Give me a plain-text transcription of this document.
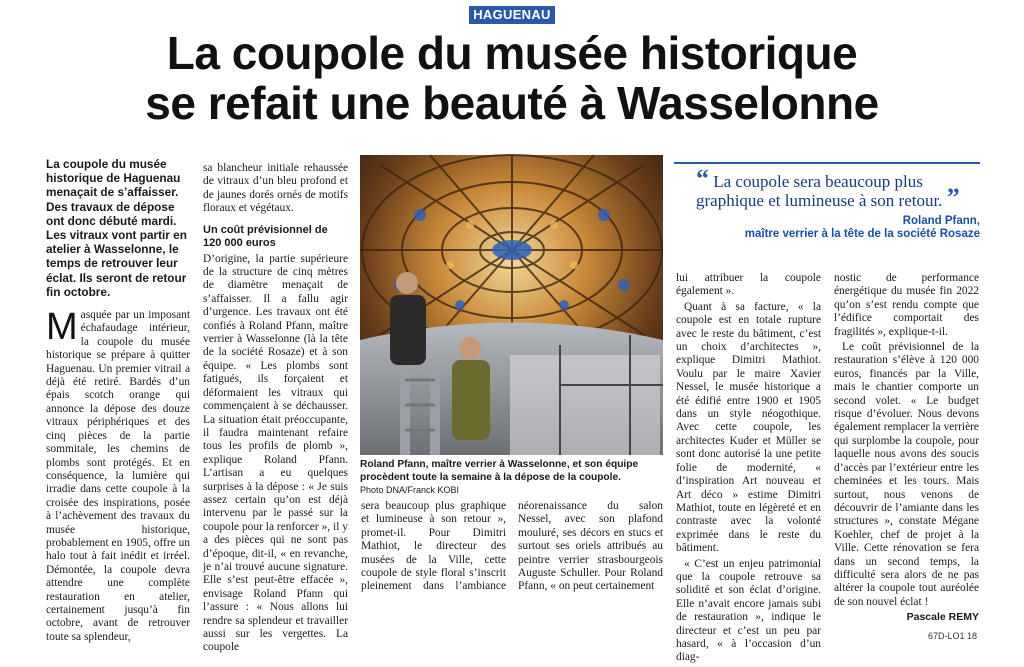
HAGUENAU
La coupole du musée historique
se refait une beauté à Wasselonne
La coupole du musée historique de Haguenau menaçait de s’affaisser. Des travaux de dépose ont donc débuté mardi. Les vitraux vont partir en atelier à Wasselonne, le temps de retrouver leur éclat. Ils seront de retour fin octobre.

Masquée par un imposant échafaudage intérieur, la coupole du musée historique se prépare à quitter Haguenau. Un premier vitrail a déjà été retiré. Bardés d’un épais scotch orange qui annonce la dépose des douze vitraux périphériques et des cinq pièces de la partie sommitale, les chemins de plombs sont protégés. Et en conséquence, la lumière qui irradie dans cette coupole à la croisée des inspirations, posée à l’achèvement des travaux du musée historique, probablement en 1905, offre un halo tout à fait inédit et irréel. Démontée, la coupole devra attendre une complète restauration en atelier, certainement jusqu’à fin octobre, avant de retrouver toute sa splendeur,

sa blancheur initiale rehaussée de vitraux d’un bleu profond et de jaunes dorés ornés de motifs floraux et végétaux.

Un coût prévisionnel de 120 000 euros

D’origine, la partie supérieure de la structure de cinq mètres de diamètre menaçait de s’affaisser. Il a fallu agir d’urgence. Les travaux ont été confiés à Roland Pfann, maître verrier à Wasselonne (là la tête de la société Rosaze) et à son équipe. « Les plombs sont fatigués, ils forçaient et déformaient les vitraux qui commençaient à se déchausser. La situation était préoccupante, il faudra maintenant refaire tous les profils de plomb », explique Roland Pfann. L’artisan a eu quelques surprises à la dépose : « Je suis assez certain qu’on est déjà intervenu par le passé sur la coupole pour la renforcer », il y a des pièces qui ne sont pas d’époque, dit-il, « en revanche, je n’ai trouvé aucune signature. Elle s’est peut-être effacée », envisage Roland Pfann qui l’assure : « Nous allons lui rendre sa splendeur et travailler aussi sur les vergettes. La coupole

Roland Pfann, maître verrier à Wasselonne, et son équipe procèdent toute la semaine à la dépose de la coupole.
Photo DNA/Franck KOBI

sera beaucoup plus graphique et lumineuse à son retour », promet-il. Pour Dimitri Mathiot, le directeur des musées de la Ville, cette coupole de style floral s’inscrit pleinement dans l’ambiance néorenaissance du salon Nessel, avec son plafond mouluré, ses décors en stucs et surtout ses oriels attribués au peintre verrier strasbourgeois Auguste Schuller. Pour Roland Pfann, « on peut certainement

“ La coupole sera beaucoup plus graphique et lumineuse à son retour. ”
Roland Pfann,
maître verrier à la tête de la société Rosaze

lui attribuer la coupole également ».

Quant à sa facture, « la coupole est en totale rupture avec le reste du bâtiment, c’est un choix d’architectes », explique Dimitri Mathiot. Voulu par le maire Xavier Nessel, le musée historique a été édifié entre 1900 et 1905 dans un style néogothique. Avec cette coupole, les architectes Kuder et Müller se sont donc autorisé la une petite folie de modernité, « d’inspiration Art nouveau et Art déco » estime Dimitri Mathiot, toute en légèreté et en contraste avec la volonté exprimée dans le reste du bâtiment.

« C’est un enjeu patrimonial que la coupole retrouve sa solidité et son éclat d’origine. Elle n’avait encore jamais subi de restauration », indique le directeur et c’est un peu par hasard, « à l’occasion d’un diag-

nostic de performance énergétique du musée fin 2022 qu’on s’est rendu compte que l’édifice comportait des fragilités », explique-t-il.

Le coût prévisionnel de la restauration s’élève à 120 000 euros, financés par la Ville, mais le chantier comporte un second volet. « Le budget risque d’évoluer. Nous devons également remplacer la verrière qui surplombe la coupole, pour laquelle nous avons des soucis d’accès par l’extérieur entre les cheminées et les tours. Mais surtout, nous venons de découvrir de l’amiante dans les structures », constate Mégane Koehler, chef de projet à la Ville. Cette rénovation se fera dans un second temps, la difficulté sera alors de ne pas altérer la coupole tout auréolée de son nouvel éclat !

Pascale REMY
67D-LO1 18
